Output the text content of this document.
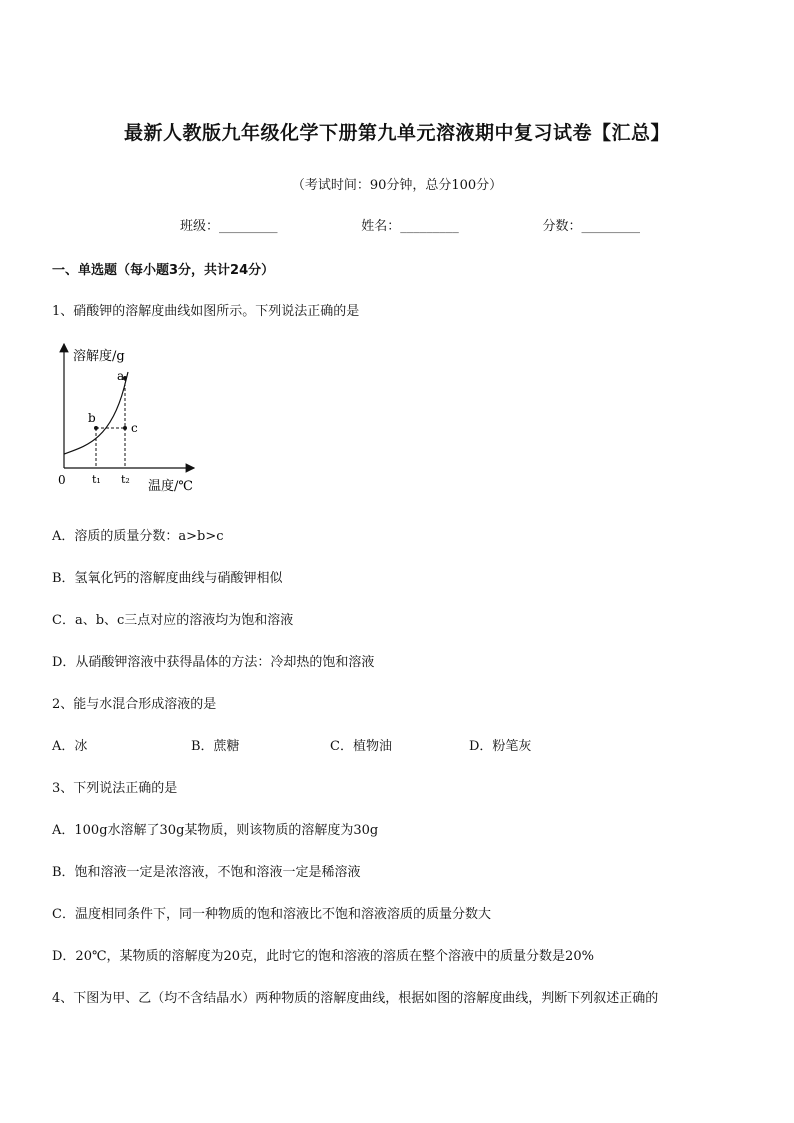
最新人教版九年级化学下册第九单元溶液期中复习试卷【汇总】
（考试时间：90分钟，总分100分）
班级：_________	姓名：_________	分数：_________
一、单选题（每小题3分，共计24分）
1、硝酸钾的溶解度曲线如图所示。下列说法正确的是
溶解度/g
温度/℃
0 t₁ t₂
a
b
c
A．溶质的质量分数：a>b>c
B．氢氧化钙的溶解度曲线与硝酸钾相似
C．a、b、c三点对应的溶液均为饱和溶液
D．从硝酸钾溶液中获得晶体的方法：冷却热的饱和溶液
2、能与水混合形成溶液的是
A．冰	B．蔗糖	C．植物油	D．粉笔灰
3、下列说法正确的是
A．100g水溶解了30g某物质，则该物质的溶解度为30g
B．饱和溶液一定是浓溶液，不饱和溶液一定是稀溶液
C．温度相同条件下，同一种物质的饱和溶液比不饱和溶液溶质的质量分数大
D．20℃，某物质的溶解度为20克，此时它的饱和溶液的溶质在整个溶液中的质量分数是20%
4、下图为甲、乙（均不含结晶水）两种物质的溶解度曲线，根据如图的溶解度曲线，判断下列叙述正确的
